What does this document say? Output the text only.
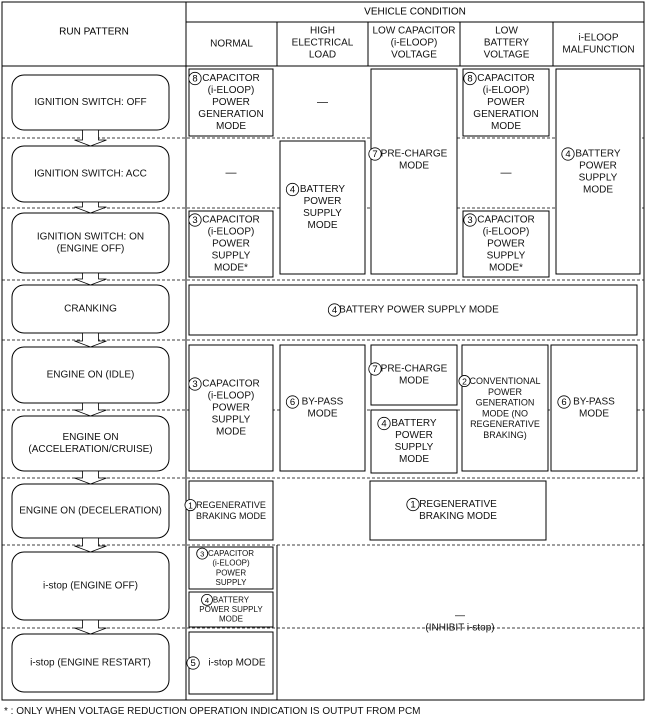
RUN PATTERN
VEHICLE CONDITION
NORMAL
HIGH
ELECTRICAL
LOAD
LOW CAPACITOR
(i-ELOOP)
VOLTAGE
LOW
BATTERY
VOLTAGE
i-ELOOP
MALFUNCTION
IGNITION SWITCH: OFF
IGNITION SWITCH: ACC
IGNITION SWITCH: ON
(ENGINE OFF)
CRANKING
ENGINE ON (IDLE)
ENGINE ON
(ACCELERATION/CRUISE)
ENGINE ON (DECELERATION)
i-stop (ENGINE OFF)
i-stop (ENGINE RESTART)
8 CAPACITOR
(i-ELOOP)
POWER
GENERATION
MODE
—
7 PRE-CHARGE
MODE
8 CAPACITOR
(i-ELOOP)
POWER
GENERATION
MODE
4 BATTERY
POWER
SUPPLY
MODE
—
4 BATTERY
POWER
SUPPLY
MODE
—
3 CAPACITOR
(i-ELOOP)
POWER
SUPPLY
MODE*
3 CAPACITOR
(i-ELOOP)
POWER
SUPPLY
MODE*
4 BATTERY POWER SUPPLY MODE
3 CAPACITOR
(i-ELOOP)
POWER
SUPPLY
MODE
6 BY-PASS
MODE
7 PRE-CHARGE
MODE	2 CONVENTIONAL
POWER
GENERATION
MODE (NO
REGENERATIVE
BRAKING)
6 BY-PASS
MODE
4 BATTERY
POWER
SUPPLY
MODE
1 REGENERATIVE
BRAKING MODE
1 REGENERATIVE
BRAKING MODE
3 CAPACITOR
(i-ELOOP)
POWER
SUPPLY
4 BATTERY
POWER SUPPLY
MODE
5 i-stop MODE
—
(INHIBIT i-stop)
* : ONLY WHEN VOLTAGE REDUCTION OPERATION INDICATION IS OUTPUT FROM PCM
